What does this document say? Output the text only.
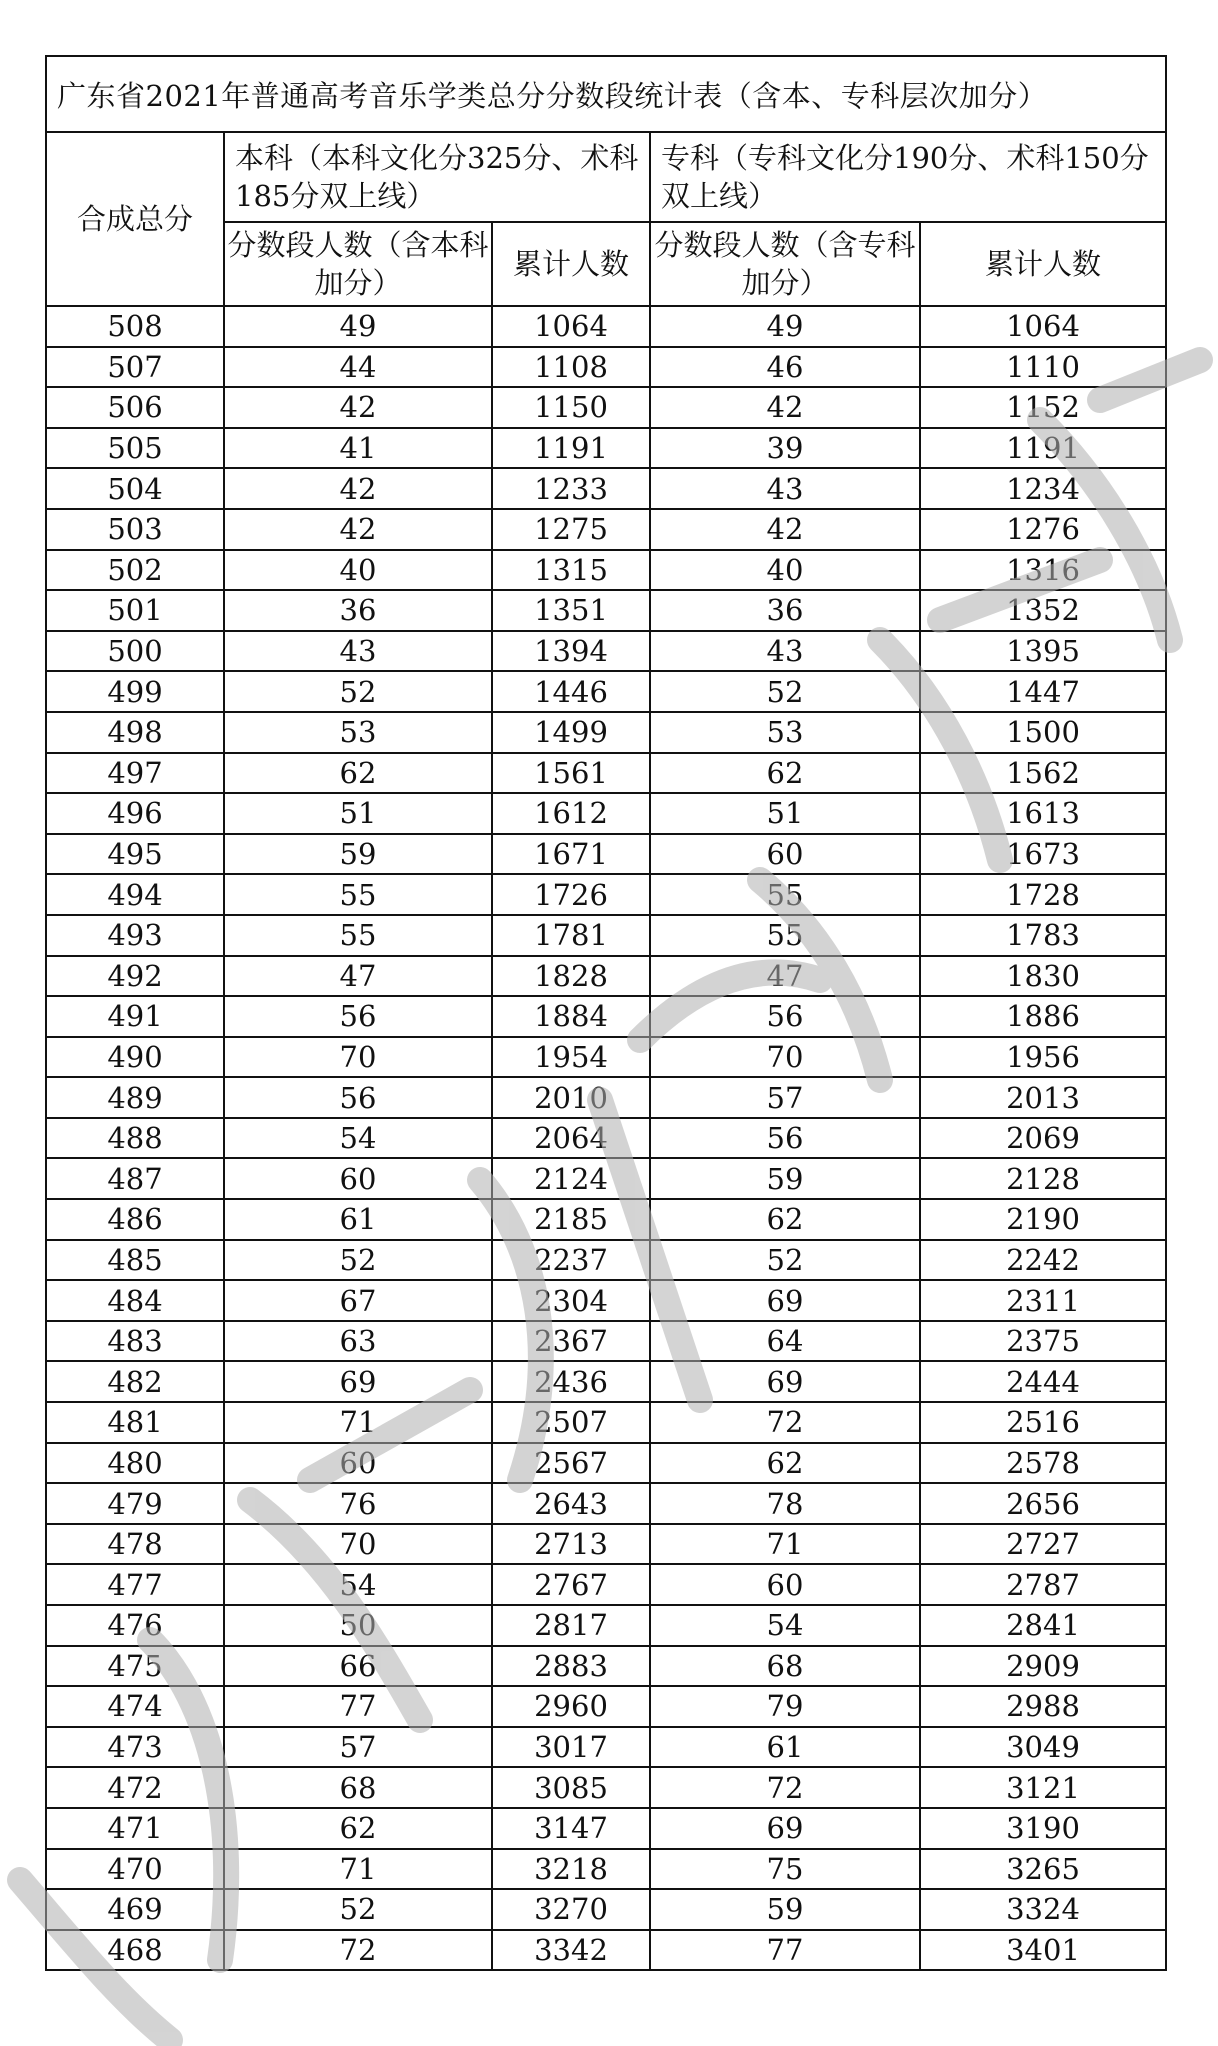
广东省2021年普通高考音乐学类总分分数段统计表（含本、专科层次加分）				
合成总分	本科（本科文化分325分、术科185分双上线）		专科（专科文化分190分、术科150分双上线）	
	分数段人数（含本科加分）	累计人数	分数段人数（含专科加分）	累计人数
508	49	1064	49	1064
507	44	1108	46	1110
506	42	1150	42	1152
505	41	1191	39	1191
504	42	1233	43	1234
503	42	1275	42	1276
502	40	1315	40	1316
501	36	1351	36	1352
500	43	1394	43	1395
499	52	1446	52	1447
498	53	1499	53	1500
497	62	1561	62	1562
496	51	1612	51	1613
495	59	1671	60	1673
494	55	1726	55	1728
493	55	1781	55	1783
492	47	1828	47	1830
491	56	1884	56	1886
490	70	1954	70	1956
489	56	2010	57	2013
488	54	2064	56	2069
487	60	2124	59	2128
486	61	2185	62	2190
485	52	2237	52	2242
484	67	2304	69	2311
483	63	2367	64	2375
482	69	2436	69	2444
481	71	2507	72	2516
480	60	2567	62	2578
479	76	2643	78	2656
478	70	2713	71	2727
477	54	2767	60	2787
476	50	2817	54	2841
475	66	2883	68	2909
474	77	2960	79	2988
473	57	3017	61	3049
472	68	3085	72	3121
471	62	3147	69	3190
470	71	3218	75	3265
469	52	3270	59	3324
468	72	3342	77	3401
